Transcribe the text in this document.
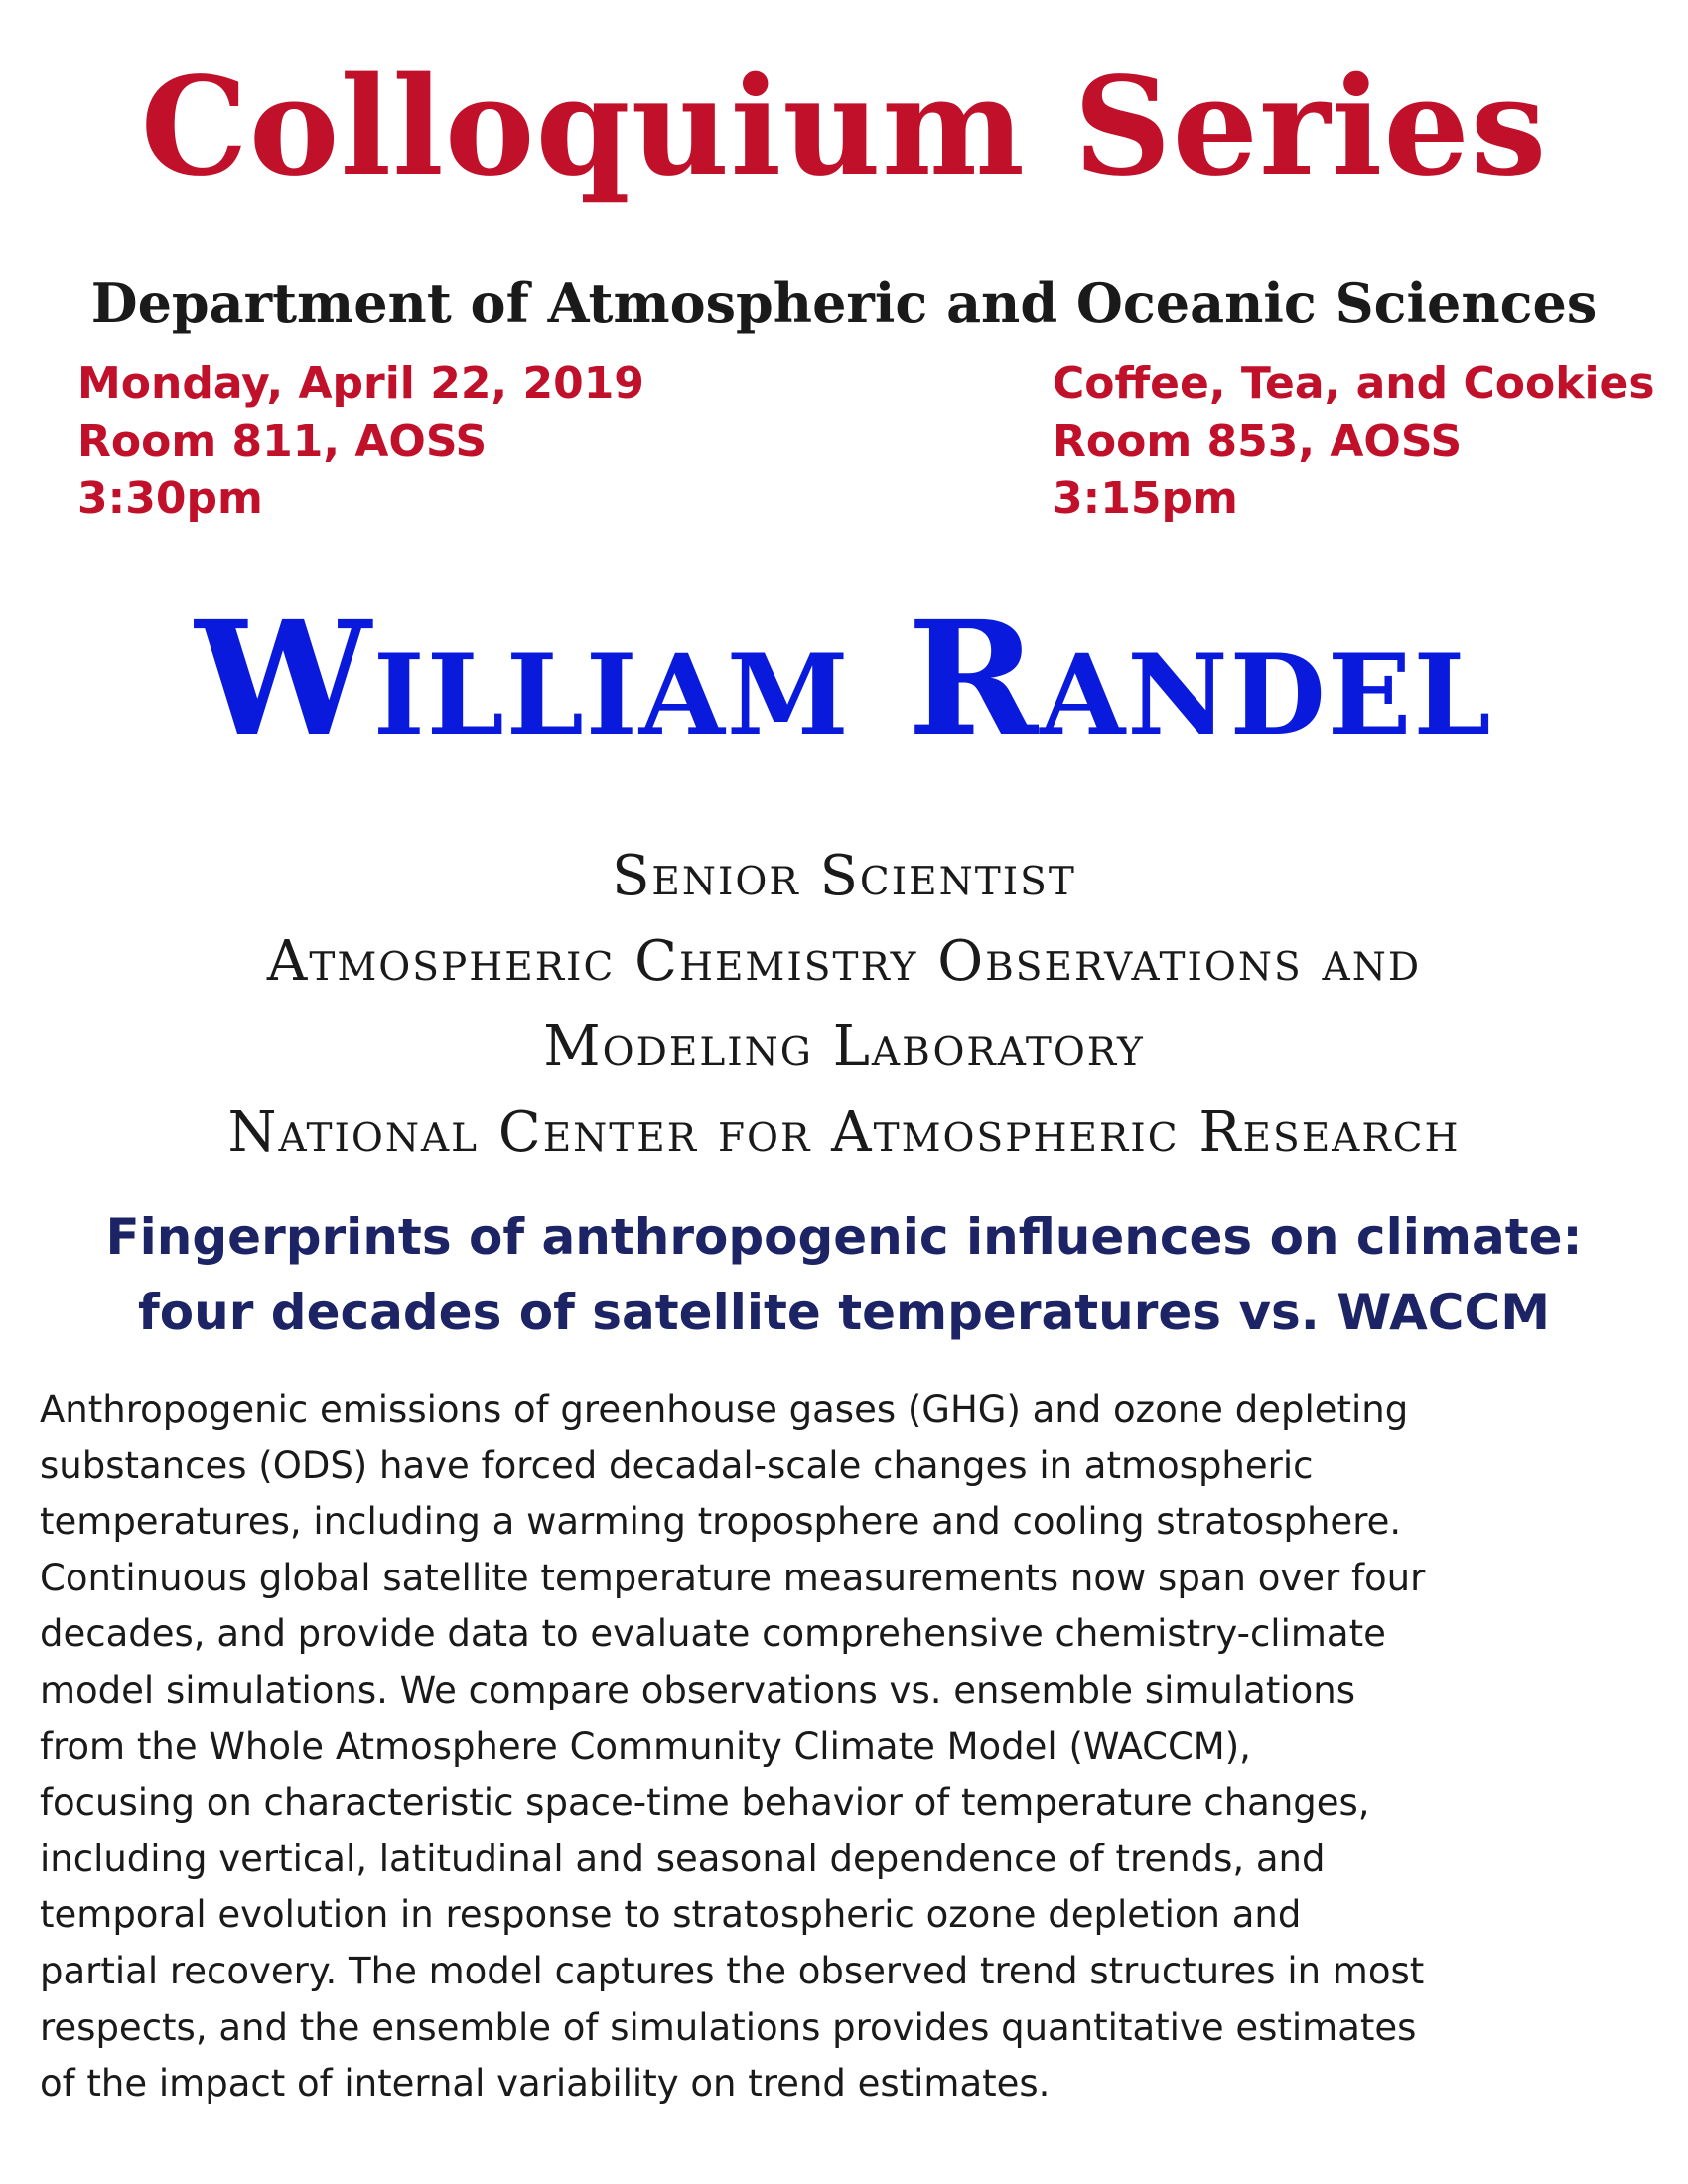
Colloquium Series
Department of Atmospheric and Oceanic Sciences
Monday, April 22, 2019
Room 811, AOSS
3:30pm
Coffee, Tea, and Cookies
Room 853, AOSS
3:15pm
William Randel
Senior Scientist
Atmospheric Chemistry Observations and
Modeling Laboratory
National Center for Atmospheric Research
Fingerprints of anthropogenic influences on climate:
four decades of satellite temperatures vs. WACCM
Anthropogenic emissions of greenhouse gases (GHG) and ozone depleting
substances (ODS) have forced decadal-scale changes in atmospheric
temperatures, including a warming troposphere and cooling stratosphere.
Continuous global satellite temperature measurements now span over four
decades, and provide data to evaluate comprehensive chemistry-climate
model simulations. We compare observations vs. ensemble simulations
from the Whole Atmosphere Community Climate Model (WACCM),
focusing on characteristic space-time behavior of temperature changes,
including vertical, latitudinal and seasonal dependence of trends, and
temporal evolution in response to stratospheric ozone depletion and
partial recovery. The model captures the observed trend structures in most
respects, and the ensemble of simulations provides quantitative estimates
of the impact of internal variability on trend estimates.
